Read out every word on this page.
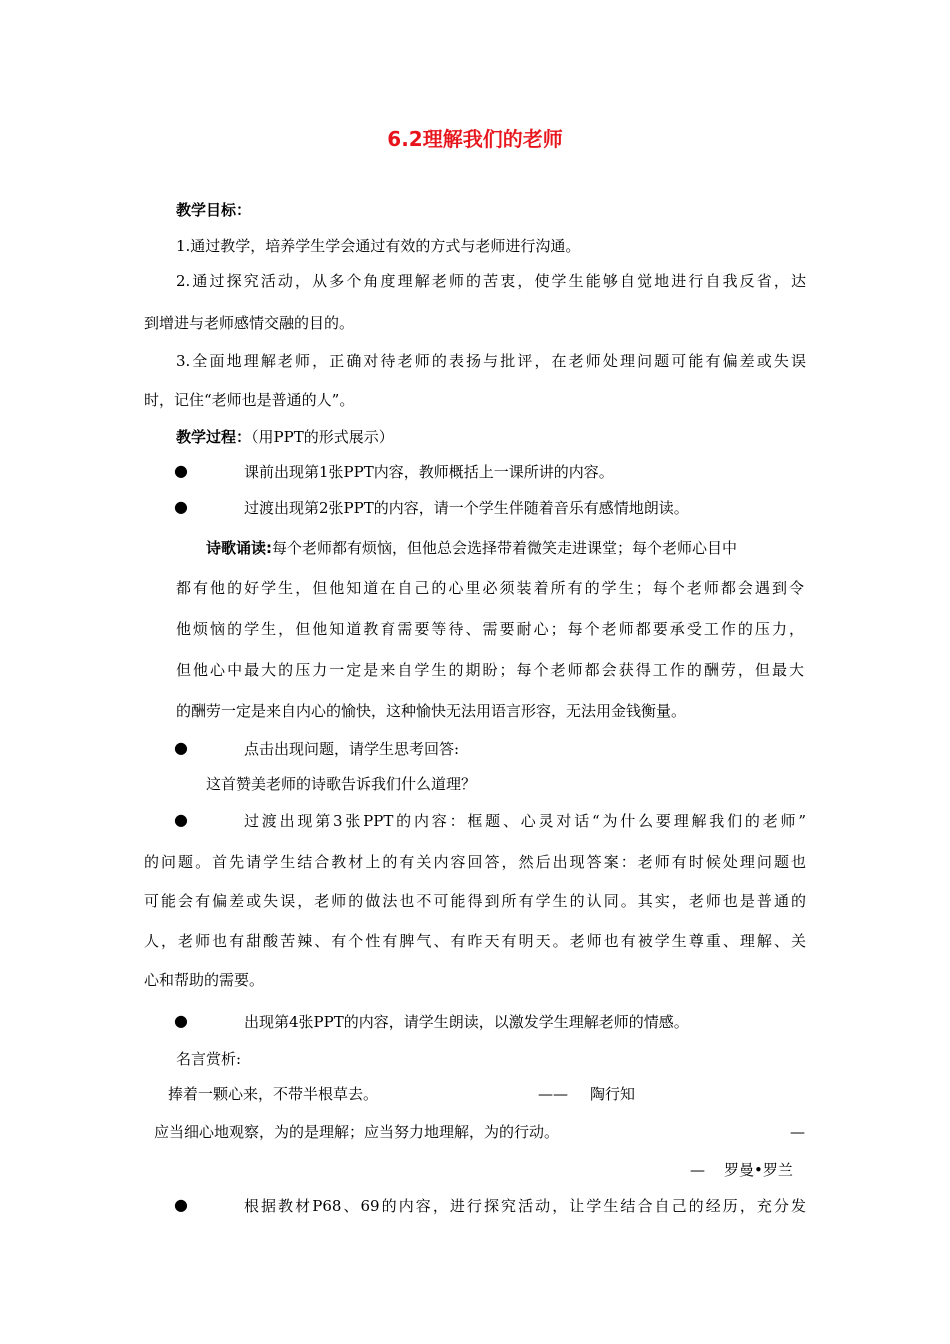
6.2理解我们的老师
教学目标：
1.通过教学，培养学生学会通过有效的方式与老师进行沟通。
2.通过探究活动，从多个角度理解老师的苦衷，使学生能够自觉地进行自我反省，达
到增进与老师感情交融的目的。
3.全面地理解老师，正确对待老师的表扬与批评，在老师处理问题可能有偏差或失误
时，记住“老师也是普通的人”。
教学过程：（用PPT的形式展示）
●	课前出现第1张PPT内容，教师概括上一课所讲的内容。
●	过渡出现第2张PPT的内容，请一个学生伴随着音乐有感情地朗读。
诗歌诵读:每个老师都有烦恼，但他总会选择带着微笑走进课堂；每个老师心目中
都有他的好学生，但他知道在自己的心里必须装着所有的学生；每个老师都会遇到令
他烦恼的学生，但他知道教育需要等待、需要耐心；每个老师都要承受工作的压力，
但他心中最大的压力一定是来自学生的期盼；每个老师都会获得工作的酬劳，但最大
的酬劳一定是来自内心的愉快，这种愉快无法用语言形容，无法用金钱衡量。
●	点击出现问题，请学生思考回答:
这首赞美老师的诗歌告诉我们什么道理？
●	过渡出现第3张PPT的内容：框题、心灵对话“为什么要理解我们的老师”
的问题。首先请学生结合教材上的有关内容回答，然后出现答案：老师有时候处理问题也
可能会有偏差或失误，老师的做法也不可能得到所有学生的认同。其实，老师也是普通的
人，老师也有甜酸苦辣、有个性有脾气、有昨天有明天。老师也有被学生尊重、理解、关
心和帮助的需要。
●	出现第4张PPT的内容，请学生朗读，以激发学生理解老师的情感。
名言赏析:
捧着一颗心来，不带半根草去。	—— 陶行知
应当细心地观察，为的是理解；应当努力地理解，为的行动。	—
— 罗曼•罗兰
●	根据教材P68、69的内容，进行探究活动，让学生结合自己的经历，充分发
